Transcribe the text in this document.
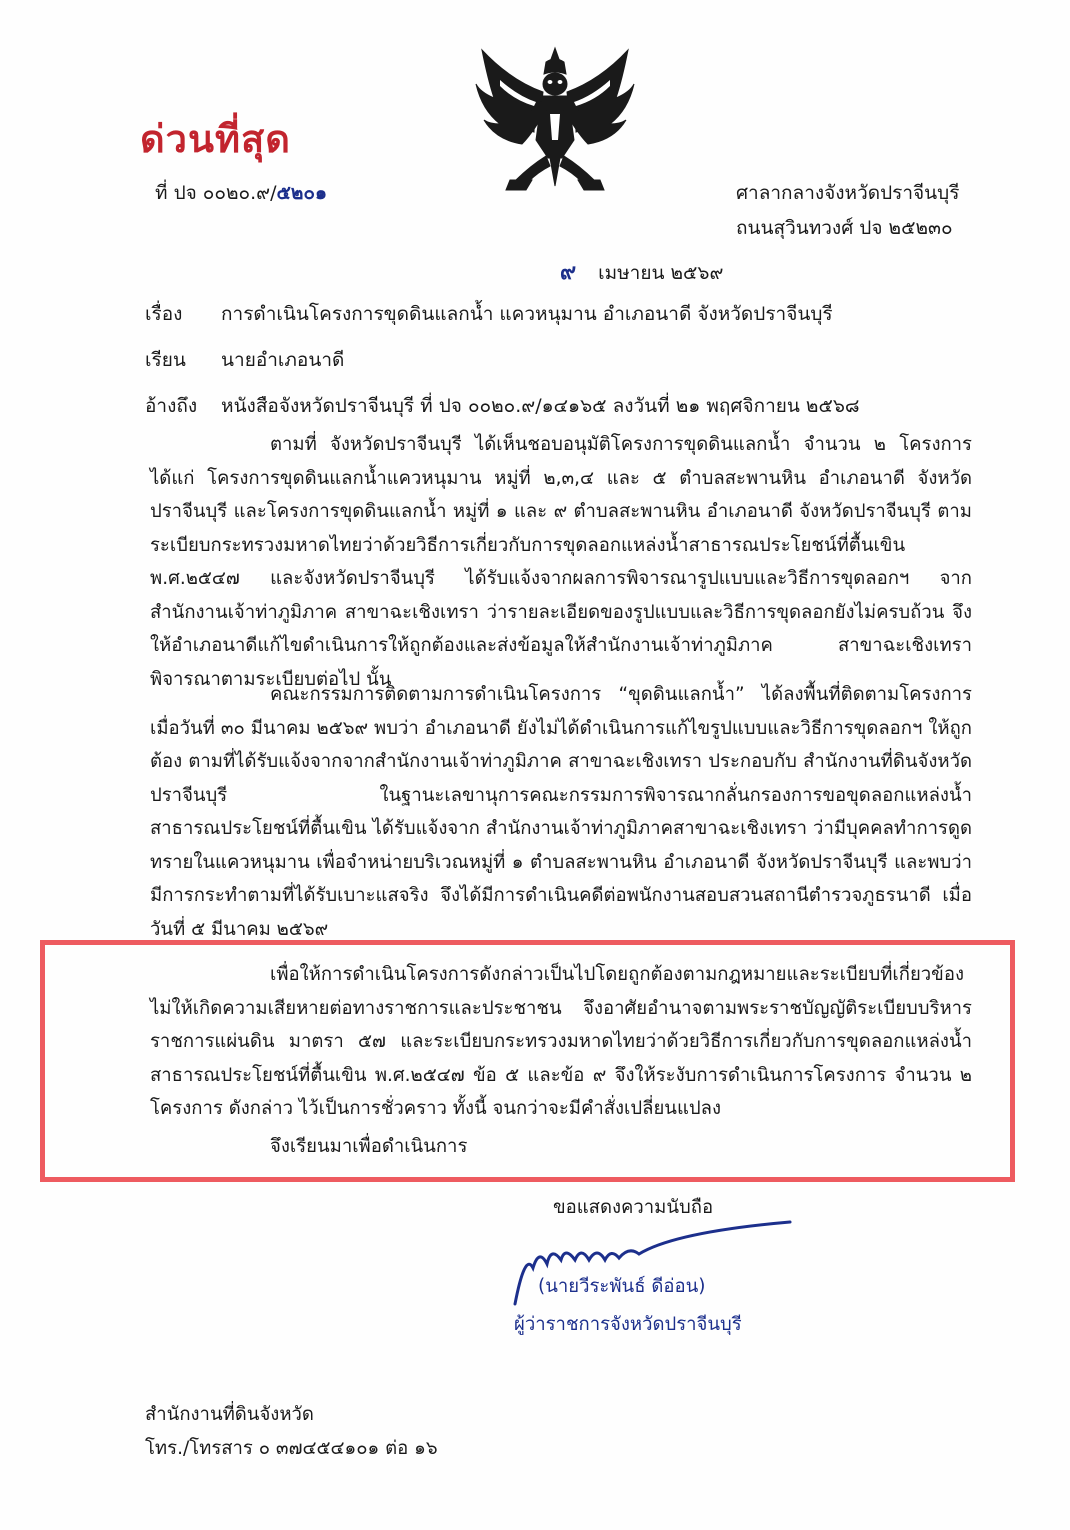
ด่วนที่สุด
ที่ ปจ ๐๐๒๐.๙/๕๒๐๑	ศาลากลางจังหวัดปราจีนบุรี
ถนนสุวินทวงศ์ ปจ ๒๕๒๓๐
๙ เมษายน ๒๕๖๙
เรื่อง การดำเนินโครงการขุดดินแลกน้ำ แควหนุมาน อำเภอนาดี จังหวัดปราจีนบุรี
เรียน นายอำเภอนาดี
อ้างถึง หนังสือจังหวัดปราจีนบุรี ที่ ปจ ๐๐๒๐.๙/๑๔๑๖๕ ลงวันที่ ๒๑ พฤศจิกายน ๒๕๖๘

ตามที่ จังหวัดปราจีนบุรี ได้เห็นชอบอนุมัติโครงการขุดดินแลกน้ำ จำนวน ๒ โครงการ ได้แก่ โครงการขุดดินแลกน้ำแควหนุมาน หมู่ที่ ๒,๓,๔ และ ๕ ตำบลสะพานหิน อำเภอนาดี จังหวัดปราจีนบุรี และโครงการขุดดินแลกน้ำ หมู่ที่ ๑ และ ๙ ตำบลสะพานหิน อำเภอนาดี จังหวัดปราจีนบุรี ตามระเบียบกระทรวงมหาดไทยว่าด้วยวิธีการเกี่ยวกับการขุดลอกแหล่งน้ำสาธารณประโยชน์ที่ตื้นเขิน พ.ศ.๒๕๔๗ และจังหวัดปราจีนบุรี ได้รับแจ้งจากผลการพิจารณารูปแบบและวิธีการขุดลอกฯ จากสำนักงานเจ้าท่าภูมิภาค สาขาฉะเชิงเทรา ว่ารายละเอียดของรูปแบบและวิธีการขุดลอกยังไม่ครบถ้วน จึงให้อำเภอนาดีแก้ไขดำเนินการให้ถูกต้องและส่งข้อมูลให้สำนักงานเจ้าท่าภูมิภาค สาขาฉะเชิงเทราพิจารณาตามระเบียบต่อไป นั้น

คณะกรรมการติดตามการดำเนินโครงการ “ขุดดินแลกน้ำ” ได้ลงพื้นที่ติดตามโครงการ เมื่อวันที่ ๓๐ มีนาคม ๒๕๖๙ พบว่า อำเภอนาดี ยังไม่ได้ดำเนินการแก้ไขรูปแบบและวิธีการขุดลอกฯ ให้ถูกต้อง ตามที่ได้รับแจ้งจากจากสำนักงานเจ้าท่าภูมิภาค สาขาฉะเชิงเทรา ประกอบกับ สำนักงานที่ดินจังหวัดปราจีนบุรี ในฐานะเลขานุการคณะกรรมการพิจารณากลั่นกรองการขอขุดลอกแหล่งน้ำสาธารณประโยชน์ที่ตื้นเขิน ได้รับแจ้งจาก สำนักงานเจ้าท่าภูมิภาคสาขาฉะเชิงเทรา ว่ามีบุคคลทำการดูดทรายในแควหนุมาน เพื่อจำหน่ายบริเวณหมู่ที่ ๑ ตำบลสะพานหิน อำเภอนาดี จังหวัดปราจีนบุรี และพบว่ามีการกระทำตามที่ได้รับเบาะแสจริง จึงได้มีการดำเนินคดีต่อพนักงานสอบสวนสถานีตำรวจภูธรนาดี เมื่อวันที่ ๕ มีนาคม ๒๕๖๙

เพื่อให้การดำเนินโครงการดังกล่าวเป็นไปโดยถูกต้องตามกฎหมายและระเบียบที่เกี่ยวข้อง ไม่ให้เกิดความเสียหายต่อทางราชการและประชาชน จึงอาศัยอำนาจตามพระราชบัญญัติระเบียบบริหารราชการแผ่นดิน มาตรา ๕๗ และระเบียบกระทรวงมหาดไทยว่าด้วยวิธีการเกี่ยวกับการขุดลอกแหล่งน้ำสาธารณประโยชน์ที่ตื้นเขิน พ.ศ.๒๕๔๗ ข้อ ๕ และข้อ ๙ จึงให้ระงับการดำเนินการโครงการ จำนวน ๒ โครงการ ดังกล่าว ไว้เป็นการชั่วคราว ทั้งนี้ จนกว่าจะมีคำสั่งเปลี่ยนแปลง

จึงเรียนมาเพื่อดำเนินการ
ขอแสดงความนับถือ
(นายวีระพันธ์ ดีอ่อน)
ผู้ว่าราชการจังหวัดปราจีนบุรี
สำนักงานที่ดินจังหวัด
โทร./โทรสาร ๐ ๓๗๔๕๔๑๐๑ ต่อ ๑๖
